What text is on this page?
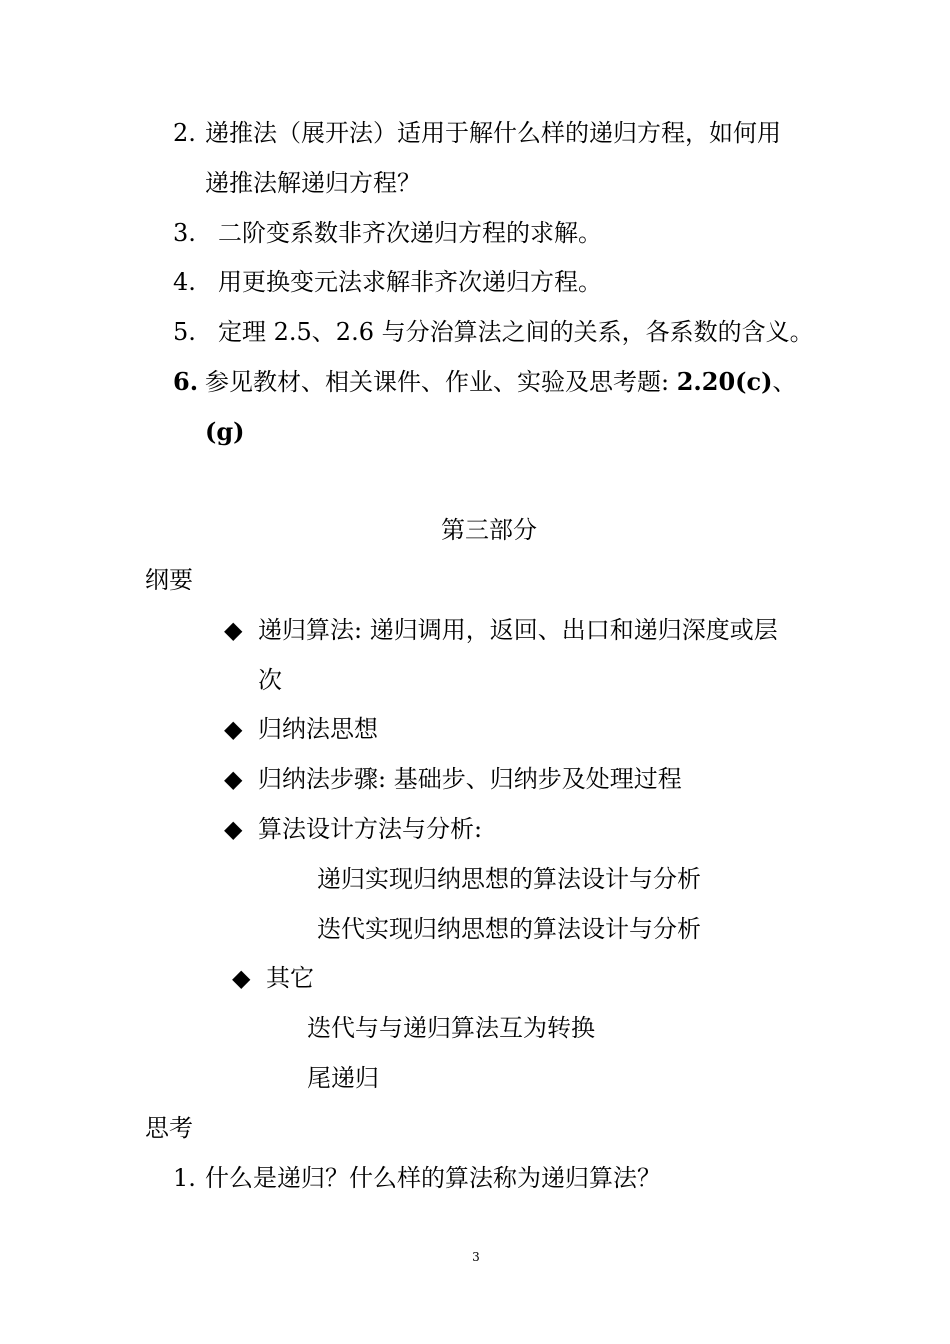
2. 递推法（展开法）适用于解什么样的递归方程，如何用
递推法解递归方程？
3. 二阶变系数非齐次递归方程的求解。
4. 用更换变元法求解非齐次递归方程。
5. 定理 2.5、2.6 与分治算法之间的关系，各系数的含义。
6. 参见教材、相关课件、作业、实验及思考题: 2.20(c)、
(g)
第三部分
纲要
◆ 递归算法: 递归调用，返回、出口和递归深度或层
次
◆ 归纳法思想
◆ 归纳法步骤: 基础步、归纳步及处理过程
◆ 算法设计方法与分析:
递归实现归纳思想的算法设计与分析
迭代实现归纳思想的算法设计与分析
◆ 其它
迭代与与递归算法互为转换
尾递归
思考
1. 什么是递归？什么样的算法称为递归算法？
3
